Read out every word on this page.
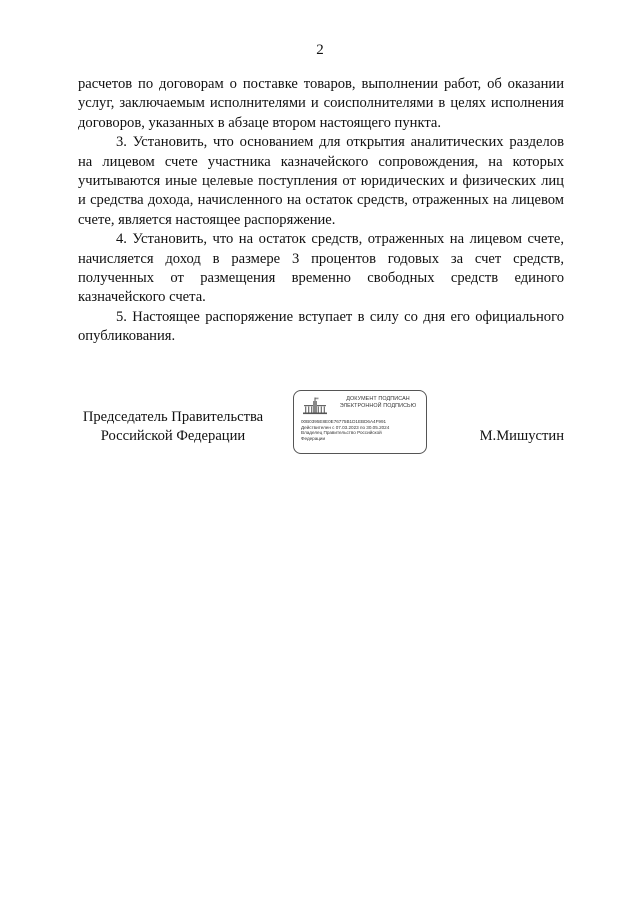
2

расчетов по договорам о поставке товаров, выполнении работ, об оказании услуг, заключаемым исполнителями и соисполнителями в целях исполнения договоров, указанных в абзаце втором настоящего пункта.

3. Установить, что основанием для открытия аналитических разделов на лицевом счете участника казначейского сопровождения, на которых учитываются иные целевые поступления от юридических и физических лиц и средства дохода, начисленного на остаток средств, отраженных на лицевом счете, является настоящее распоряжение.

4. Установить, что на остаток средств, отраженных на лицевом счете, начисляется доход в размере 3 процентов годовых за счет средств, полученных от размещения временно свободных средств единого казначейского счета.

5. Настоящее распоряжение вступает в силу со дня его официального опубликования.

Председатель Правительства
Российской Федерации
ДОКУМЕНТ ПОДПИСАН
ЭЛЕКТРОННОЙ ПОДПИСЬЮ
00B0395E8E0E76775B1D1EBD6A4F991
Действителен с 07.03.2023 по 30.05.2024
Владелец Правительство Российской
Федерации	М.Мишустин
